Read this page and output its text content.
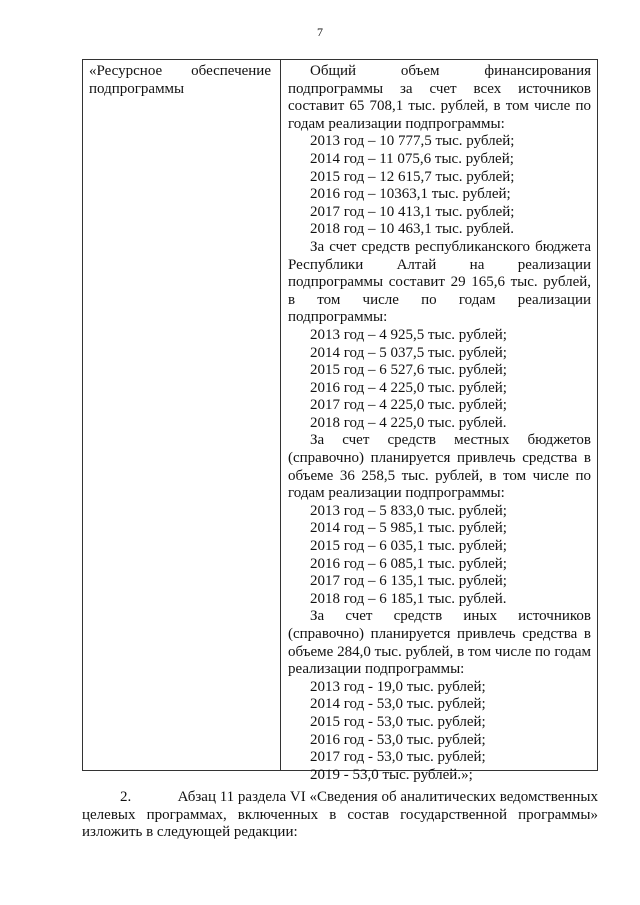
7
«Ресурсное обеспечение
подпрограммы
Общий объем финансирования
подпрограммы за счет всех источников
составит 65 708,1 тыс. рублей, в том числе по
годам реализации подпрограммы:
2013 год – 10 777,5 тыс. рублей;
2014 год – 11 075,6 тыс. рублей;
2015 год – 12 615,7 тыс. рублей;
2016 год – 10363,1 тыс. рублей;
2017 год – 10 413,1 тыс. рублей;
2018 год – 10 463,1 тыс. рублей.
За счет средств республиканского бюджета
Республики Алтай на реализации
подпрограммы составит 29 165,6 тыс. рублей,
в том числе по годам реализации
подпрограммы:
2013 год – 4 925,5 тыс. рублей;
2014 год – 5 037,5 тыс. рублей;
2015 год – 6 527,6 тыс. рублей;
2016 год – 4 225,0 тыс. рублей;
2017 год – 4 225,0 тыс. рублей;
2018 год – 4 225,0 тыс. рублей.
За счет средств местных бюджетов
(справочно) планируется привлечь средства в
объеме 36 258,5 тыс. рублей, в том числе по
годам реализации подпрограммы:
2013 год – 5 833,0 тыс. рублей;
2014 год – 5 985,1 тыс. рублей;
2015 год – 6 035,1 тыс. рублей;
2016 год – 6 085,1 тыс. рублей;
2017 год – 6 135,1 тыс. рублей;
2018 год – 6 185,1 тыс. рублей.
За счет средств иных источников
(справочно) планируется привлечь средства в
объеме 284,0 тыс. рублей, в том числе по годам
реализации подпрограммы:
2013 год - 19,0 тыс. рублей;
2014 год - 53,0 тыс. рублей;
2015 год - 53,0 тыс. рублей;
2016 год - 53,0 тыс. рублей;
2017 год - 53,0 тыс. рублей;
2019 - 53,0 тыс. рублей.»;
2.	Абзац 11 раздела VI «Сведения об аналитических ведомственных
целевых программах, включенных в состав государственной программы»
изложить в следующей редакции:
